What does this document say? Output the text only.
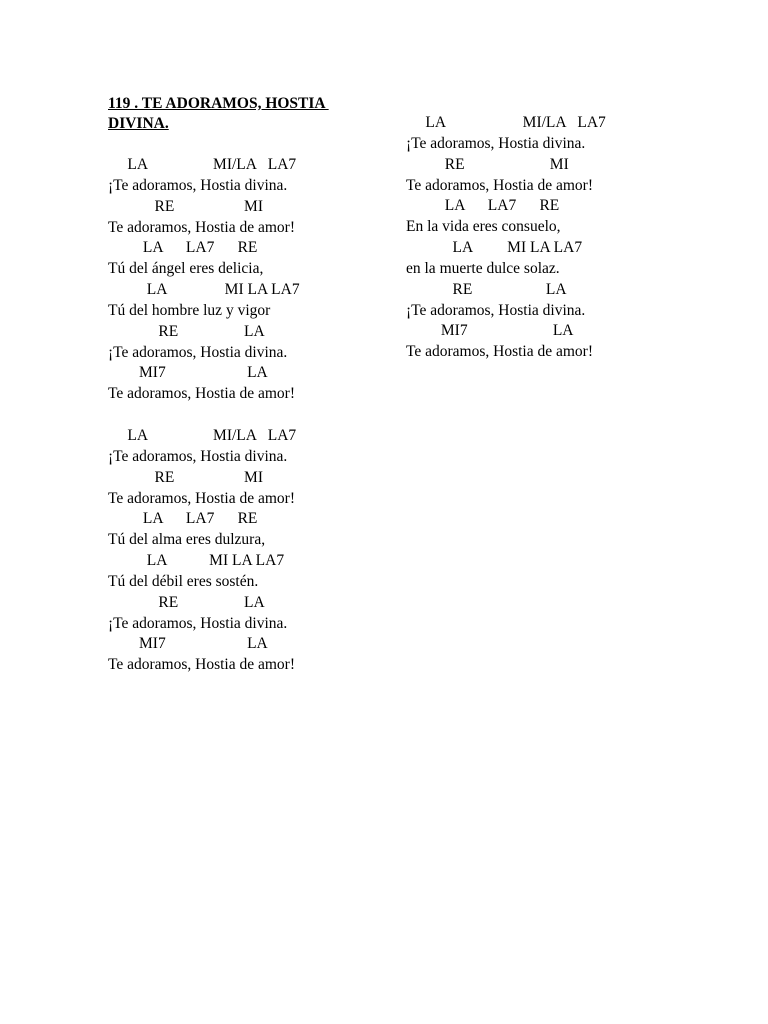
119 . TE ADORAMOS, HOSTIA
DIVINA.
LA                 MI/LA   LA7
¡Te adoramos, Hostia divina.
RE                  MI
Te adoramos, Hostia de amor!
LA      LA7      RE
Tú del ángel eres delicia,
LA               MI LA LA7
Tú del hombre luz y vigor
RE                 LA
¡Te adoramos, Hostia divina.
MI7                     LA
Te adoramos, Hostia de amor!
LA                 MI/LA   LA7
¡Te adoramos, Hostia divina.
RE                  MI
Te adoramos, Hostia de amor!
LA      LA7      RE
Tú del alma eres dulzura,
LA           MI LA LA7
Tú del débil eres sostén.
RE                 LA
¡Te adoramos, Hostia divina.
MI7                     LA
Te adoramos, Hostia de amor!
LA                    MI/LA   LA7
¡Te adoramos, Hostia divina.
RE                      MI
Te adoramos, Hostia de amor!
LA      LA7      RE
En la vida eres consuelo,
LA         MI LA LA7
en la muerte dulce solaz.
RE                   LA
¡Te adoramos, Hostia divina.
MI7                      LA
Te adoramos, Hostia de amor!
